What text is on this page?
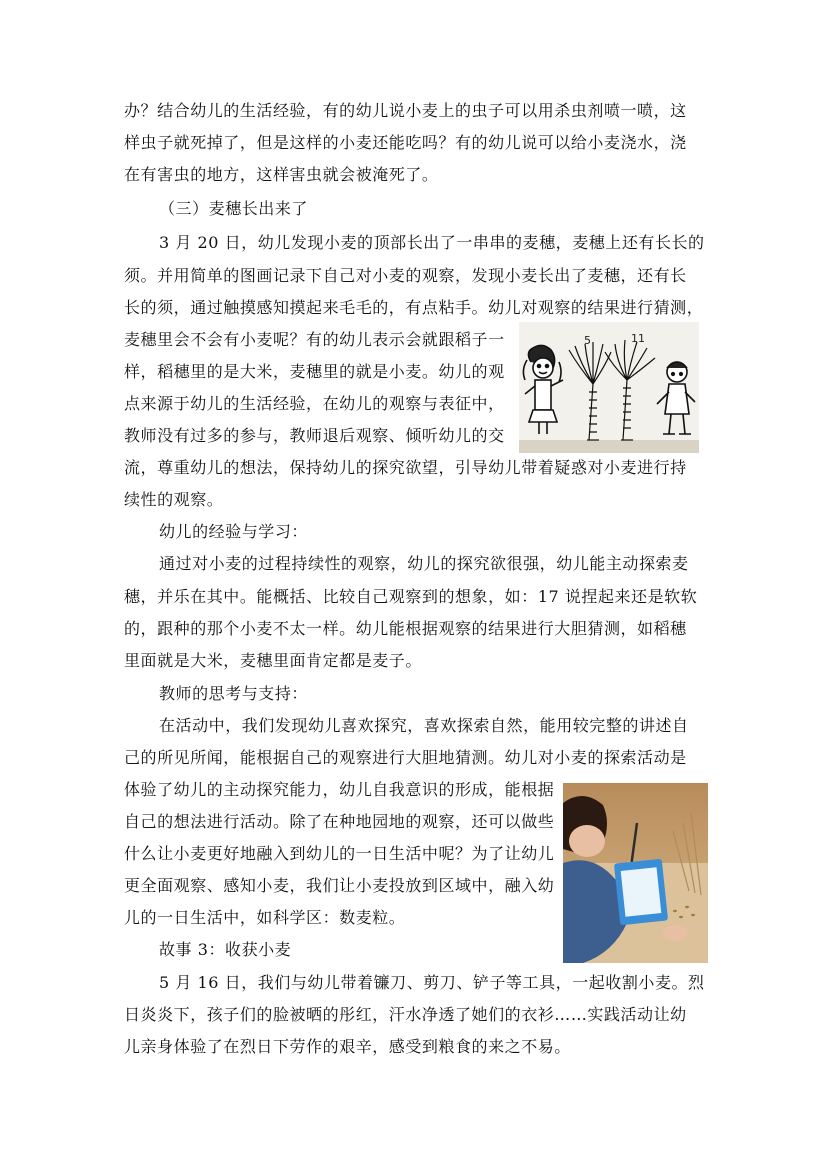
办？结合幼儿的生活经验，有的幼儿说小麦上的虫子可以用杀虫剂喷一喷，这
样虫子就死掉了，但是这样的小麦还能吃吗？有的幼儿说可以给小麦浇水，浇
在有害虫的地方，这样害虫就会被淹死了。
（三）麦穗长出来了
3 月 20 日，幼儿发现小麦的顶部长出了一串串的麦穗，麦穗上还有长长的
须。并用简单的图画记录下自己对小麦的观察，发现小麦长出了麦穗，还有长
长的须，通过触摸感知摸起来毛毛的，有点粘手。幼儿对观察的结果进行猜测，
麦穗里会不会有小麦呢？有的幼儿表示会就跟稻子一
样，稻穗里的是大米，麦穗里的就是小麦。幼儿的观
点来源于幼儿的生活经验，在幼儿的观察与表征中，
教师没有过多的参与，教师退后观察、倾听幼儿的交
流，尊重幼儿的想法，保持幼儿的探究欲望，引导幼儿带着疑惑对小麦进行持
续性的观察。
幼儿的经验与学习：
通过对小麦的过程持续性的观察，幼儿的探究欲很强，幼儿能主动探索麦
穗，并乐在其中。能概括、比较自己观察到的想象，如：17 说捏起来还是软软
的，跟种的那个小麦不太一样。幼儿能根据观察的结果进行大胆猜测，如稻穗
里面就是大米，麦穗里面肯定都是麦子。
教师的思考与支持：
在活动中，我们发现幼儿喜欢探究，喜欢探索自然，能用较完整的讲述自
己的所见所闻，能根据自己的观察进行大胆地猜测。幼儿对小麦的探索活动是
体验了幼儿的主动探究能力，幼儿自我意识的形成，能根据
自己的想法进行活动。除了在种地园地的观察，还可以做些
什么让小麦更好地融入到幼儿的一日生活中呢？为了让幼儿
更全面观察、感知小麦，我们让小麦投放到区域中，融入幼
儿的一日生活中，如科学区：数麦粒。
故事 3：收获小麦
5 月 16 日，我们与幼儿带着镰刀、剪刀、铲子等工具，一起收割小麦。烈
日炎炎下，孩子们的脸被晒的彤红，汗水净透了她们的衣衫……实践活动让幼
儿亲身体验了在烈日下劳作的艰辛，感受到粮食的来之不易。
5	11
